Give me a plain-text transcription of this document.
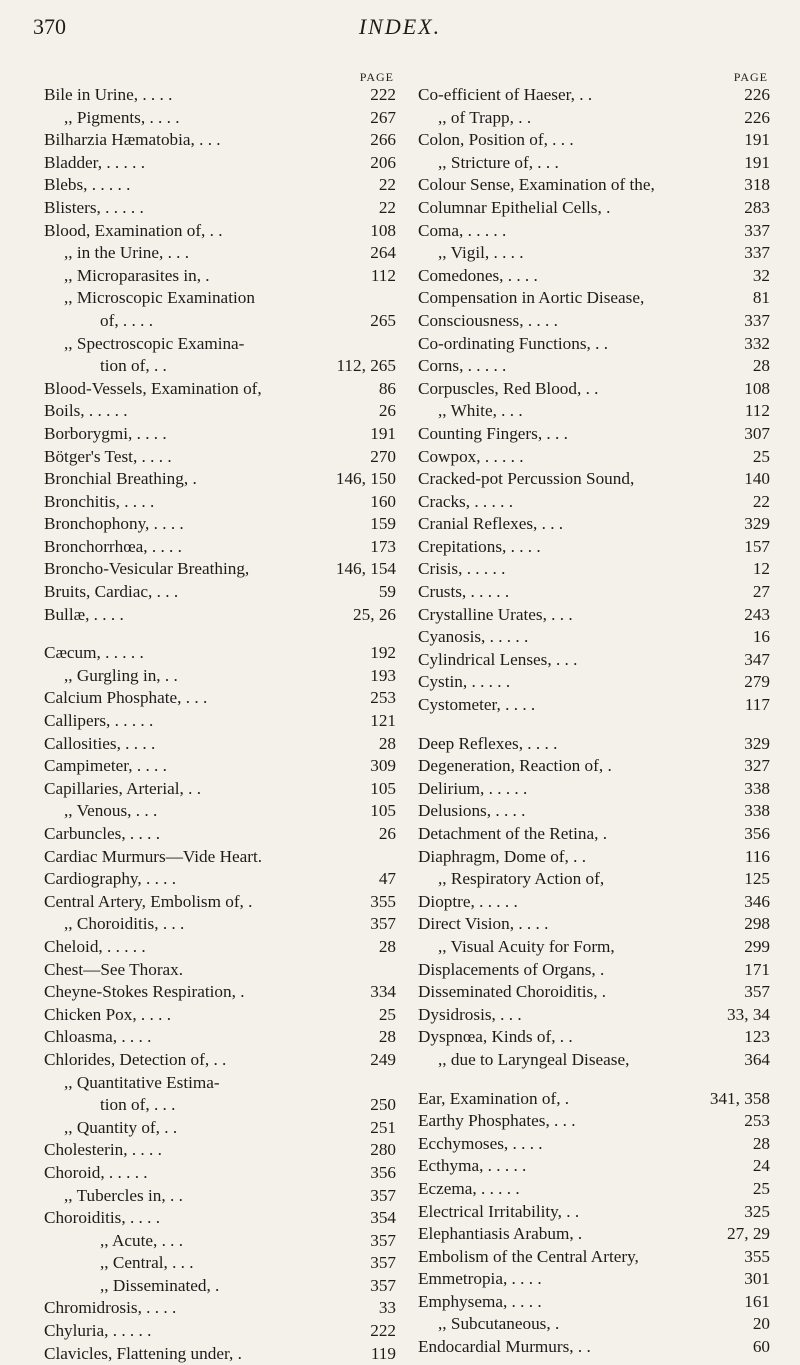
370	INDEX.
PAGE
Bile in Urine, . . . .	222
,, Pigments, . . . .	267
Bilharzia Hæmatobia, . . .	266
Bladder, . . . . .	206
Blebs, . . . . .	22
Blisters, . . . . .	22
Blood, Examination of, . .	108
,, in the Urine, . . .	264
,, Microparasites in, .	112
,, Microscopic Examination
of, . . . .	265
,, Spectroscopic Examina-
tion of, . .	112, 265
Blood-Vessels, Examination of,	86
Boils, . . . . .	26
Borborygmi, . . . .	191
Bötger's Test, . . . .	270
Bronchial Breathing, .	146, 150
Bronchitis, . . . .	160
Bronchophony, . . . .	159
Bronchorrhœa, . . . .	173
Broncho-Vesicular Breathing,	146, 154
Bruits, Cardiac, . . .	59
Bullæ, . . . .	25, 26
Cæcum, . . . . .	192
,, Gurgling in, . .	193
Calcium Phosphate, . . .	253
Callipers, . . . . .	121
Callosities, . . . .	28
Campimeter, . . . .	309
Capillaries, Arterial, . .	105
,, Venous, . . .	105
Carbuncles, . . . .	26
Cardiac Murmurs—Vide Heart.
Cardiography, . . . .	47
Central Artery, Embolism of, .	355
,, Choroiditis, . . .	357
Cheloid, . . . . .	28
Chest—See Thorax.
Cheyne-Stokes Respiration, .	334
Chicken Pox, . . . .	25
Chloasma, . . . .	28
Chlorides, Detection of, . .	249
,, Quantitative Estima-
tion of, . . .	250
,, Quantity of, . .	251
Cholesterin, . . . .	280
Choroid, . . . . .	356
,, Tubercles in, . .	357
Choroiditis, . . . .	354
,, Acute, . . .	357
,, Central, . . .	357
,, Disseminated, .	357
Chromidrosis, . . . .	33
Chyluria, . . . . .	222
Clavicles, Flattening under, .	119
PAGE
Co-efficient of Haeser, . .	226
,, of Trapp, . .	226
Colon, Position of, . . .	191
,, Stricture of, . . .	191
Colour Sense, Examination of the,	318
Columnar Epithelial Cells, .	283
Coma, . . . . .	337
,, Vigil, . . . .	337
Comedones, . . . .	32
Compensation in Aortic Disease,	81
Consciousness, . . . .	337
Co-ordinating Functions, . .	332
Corns, . . . . .	28
Corpuscles, Red Blood, . .	108
,, White, . . .	112
Counting Fingers, . . .	307
Cowpox, . . . . .	25
Cracked-pot Percussion Sound,	140
Cracks, . . . . .	22
Cranial Reflexes, . . .	329
Crepitations, . . . .	157
Crisis, . . . . .	12
Crusts, . . . . .	27
Crystalline Urates, . . .	243
Cyanosis, . . . . .	16
Cylindrical Lenses, . . .	347
Cystin, . . . . .	279
Cystometer, . . . .	117
Deep Reflexes, . . . .	329
Degeneration, Reaction of, .	327
Delirium, . . . . .	338
Delusions, . . . .	338
Detachment of the Retina, .	356
Diaphragm, Dome of, . .	116
,, Respiratory Action of,	125
Dioptre, . . . . .	346
Direct Vision, . . . .	298
,, Visual Acuity for Form,	299
Displacements of Organs, .	171
Disseminated Choroiditis, .	357
Dysidrosis, . . .	33, 34
Dyspnœa, Kinds of, . .	123
,, due to Laryngeal Disease,	364
Ear, Examination of, .	341, 358
Earthy Phosphates, . . .	253
Ecchymoses, . . . .	28
Ecthyma, . . . . .	24
Eczema, . . . . .	25
Electrical Irritability, . .	325
Elephantiasis Arabum, .	27, 29
Embolism of the Central Artery,	355
Emmetropia, . . . .	301
Emphysema, . . . .	161
,, Subcutaneous, .	20
Endocardial Murmurs, . .	60
